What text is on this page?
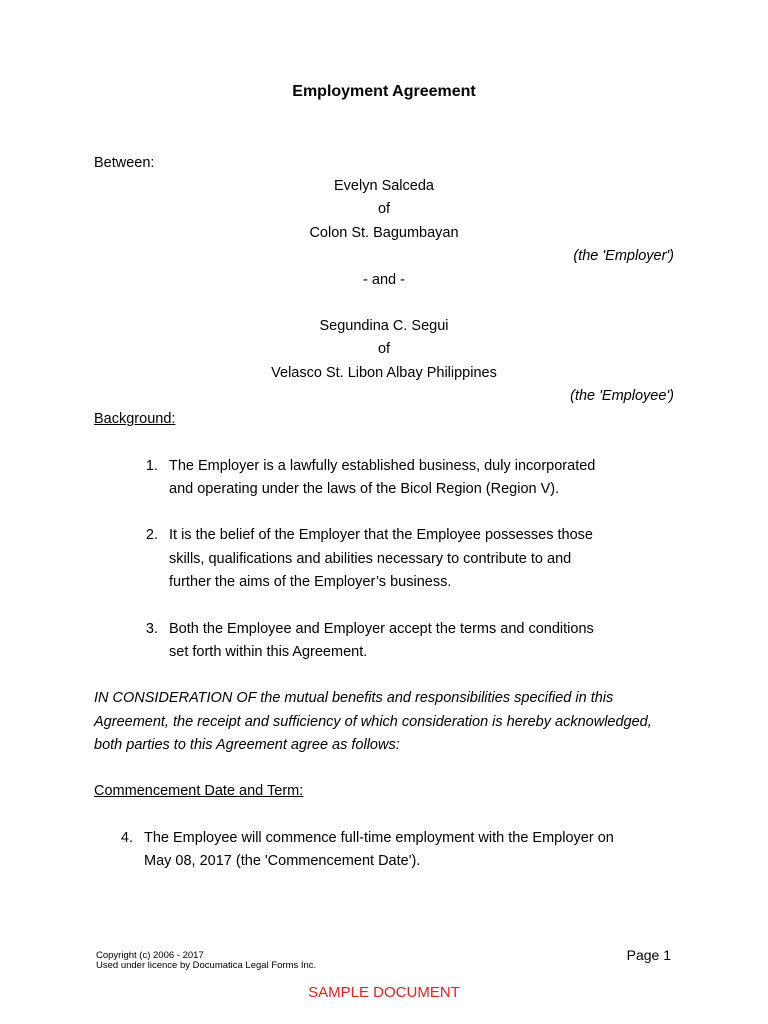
Employment Agreement
Between:
Evelyn Salceda
of
Colon St. Bagumbayan
(the 'Employer')
- and -
Segundina C. Segui
of
Velasco St. Libon Albay Philippines
(the 'Employee')
Background:
1. The Employer is a lawfully established business, duly incorporated
and operating under the laws of the Bicol Region (Region V).
2. It is the belief of the Employer that the Employee possesses those
skills, qualifications and abilities necessary to contribute to and
further the aims of the Employer’s business.
3. Both the Employee and Employer accept the terms and conditions
set forth within this Agreement.
IN CONSIDERATION OF the mutual benefits and responsibilities specified in this
Agreement, the receipt and sufficiency of which consideration is hereby acknowledged,
both parties to this Agreement agree as follows:
Commencement Date and Term:
4. The Employee will commence full-time employment with the Employer on
May 08, 2017 (the 'Commencement Date').
Copyright (c) 2006 - 2017
Used under licence by Documatica Legal Forms Inc.
Page 1
SAMPLE DOCUMENT
